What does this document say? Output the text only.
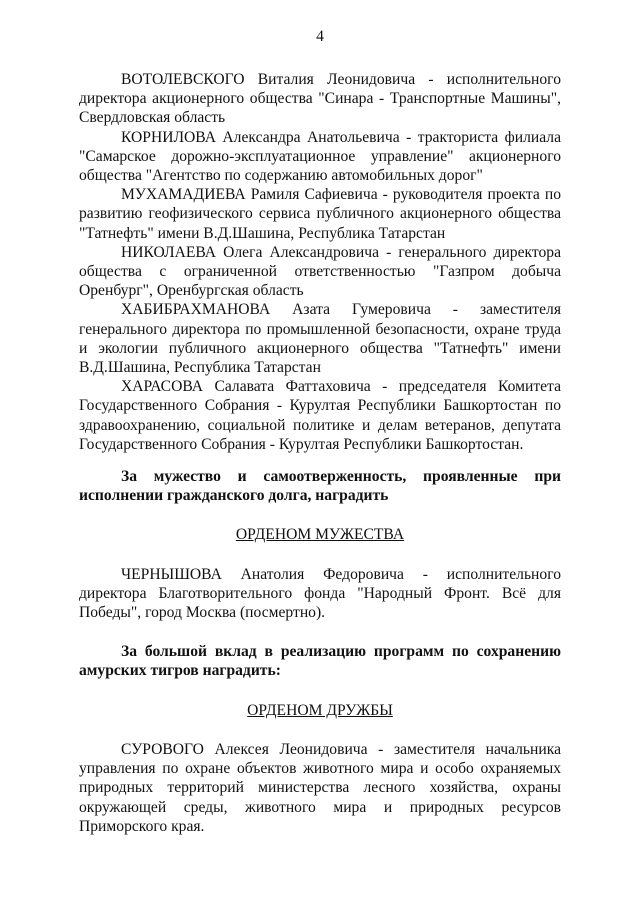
4

ВОТОЛЕВСКОГО Виталия Леонидовича - исполнительного директора акционерного общества "Синара - Транспортные Машины", Свердловская область

КОРНИЛОВА Александра Анатольевича - тракториста филиала "Самарское дорожно-эксплуатационное управление" акционерного общества "Агентство по содержанию автомобильных дорог"

МУХАМАДИЕВА Рамиля Сафиевича - руководителя проекта по развитию геофизического сервиса публичного акционерного общества "Татнефть" имени В.Д.Шашина, Республика Татарстан

НИКОЛАЕВА Олега Александровича - генерального директора общества с ограниченной ответственностью "Газпром добыча Оренбург", Оренбургская область

ХАБИБРАХМАНОВА Азата Гумеровича - заместителя генерального директора по промышленной безопасности, охране труда и экологии публичного акционерного общества "Татнефть" имени В.Д.Шашина, Республика Татарстан

ХАРАСОВА Салавата Фаттаховича - председателя Комитета Государственного Собрания - Курултая Республики Башкортостан по здравоохранению, социальной политике и делам ветеранов, депутата Государственного Собрания - Курултая Республики Башкортостан.

За мужество и самоотверженность, проявленные при исполнении гражданского долга, наградить

ОРДЕНОМ МУЖЕСТВА

ЧЕРНЫШОВА Анатолия Федоровича - исполнительного директора Благотворительного фонда "Народный Фронт. Всё для Победы", город Москва (посмертно).

За большой вклад в реализацию программ по сохранению амурских тигров наградить:

ОРДЕНОМ ДРУЖБЫ

СУРОВОГО Алексея Леонидовича - заместителя начальника управления по охране объектов животного мира и особо охраняемых природных территорий министерства лесного хозяйства, охраны окружающей среды, животного мира и природных ресурсов Приморского края.
